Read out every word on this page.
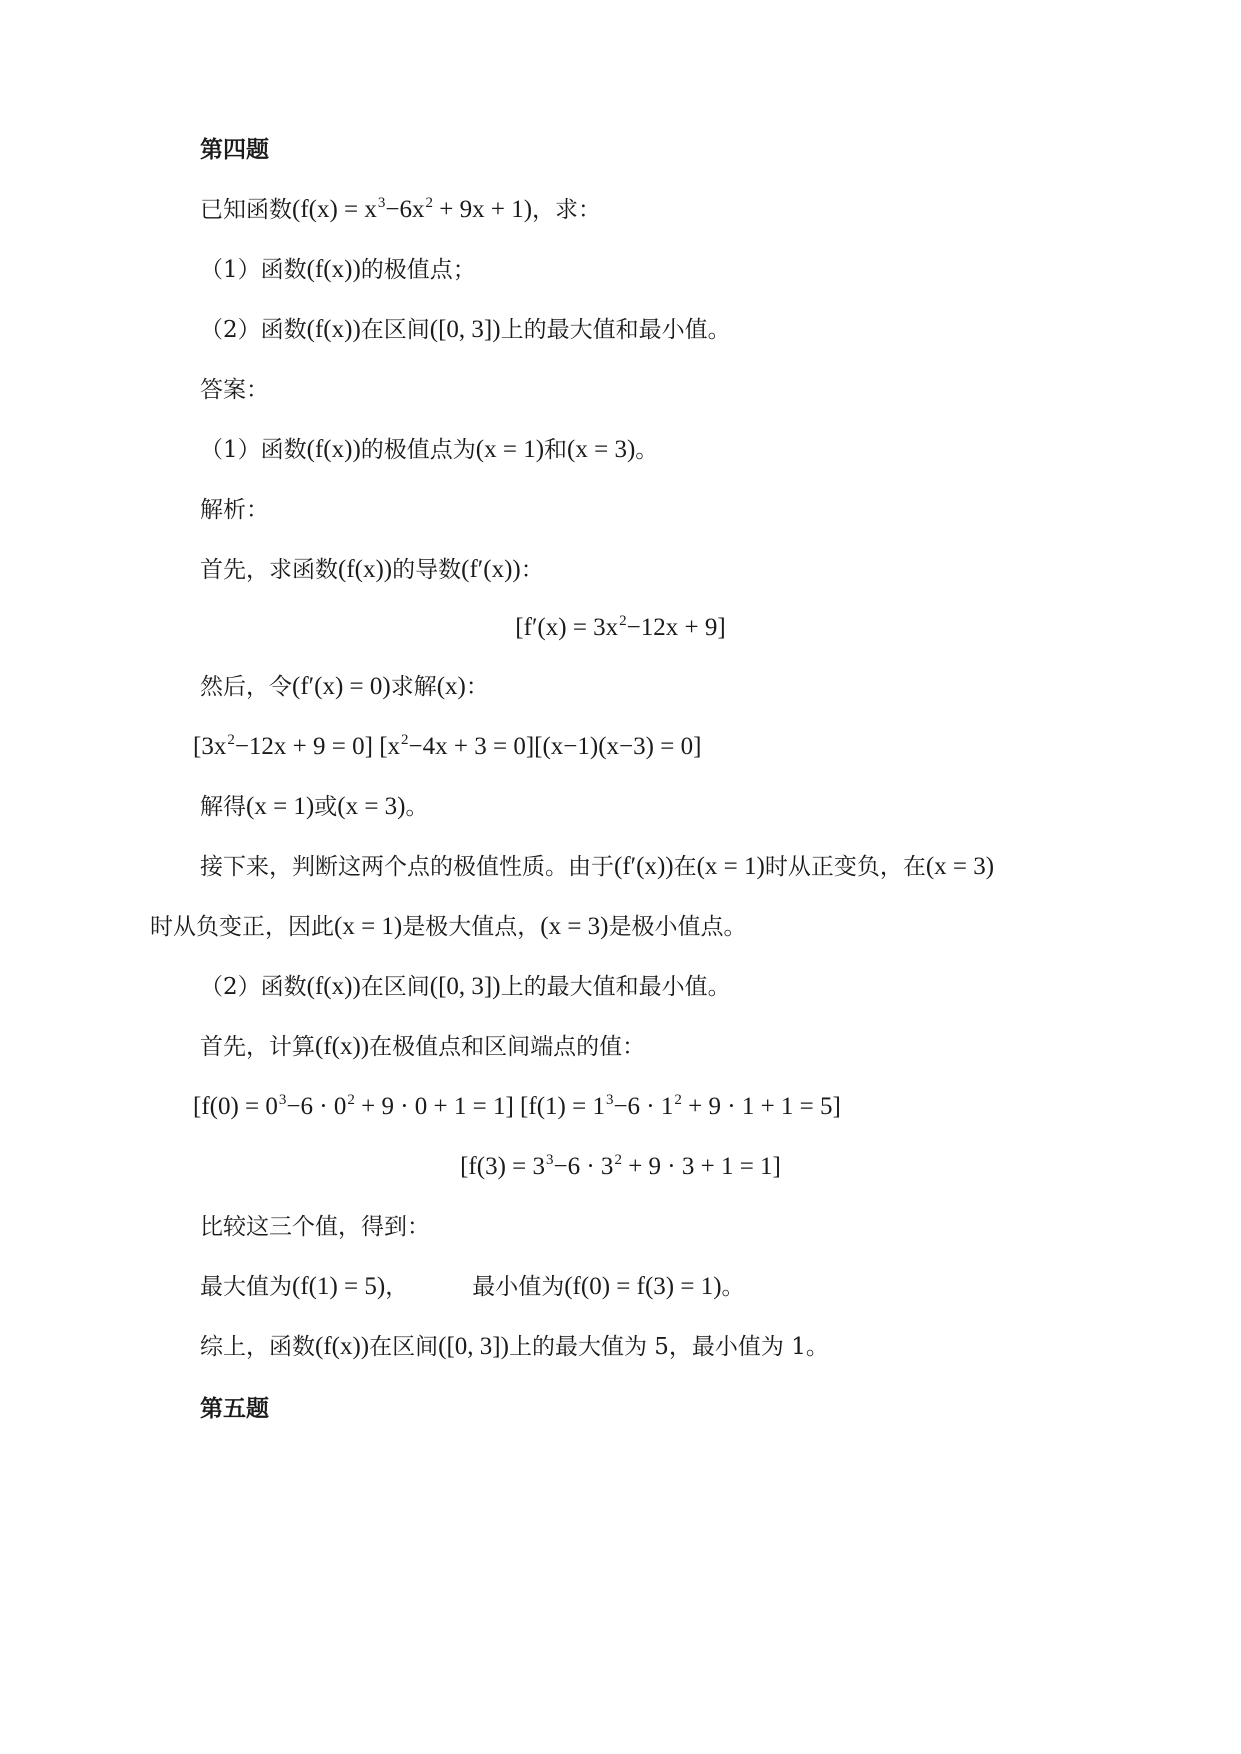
第四题
已知函数$(f(x) = x^3-6x^2 + 9x + 1)$，求：
（1）函数(f(x))的极值点；
（2）函数(f(x))在区间([0, 3])上的最大值和最小值。
答案：
（1）函数(f(x))的极值点为(x = 1)和(x = 3)。
解析：
首先，求函数(f(x))的导数(f′(x))：
$[f'(x) = 3x^2-12x + 9]$
然后，令(f′(x) = 0)求解(x)：
$[3x^2-12x + 9 = 0] [x^2-4x + 3 = 0][(x-1)(x-3) = 0]$
解得(x = 1)或(x = 3)。
接下来，判断这两个点的极值性质。由于(f′(x))在(x = 1)时从正变负，在(x = 3)
时从负变正，因此(x = 1)是极大值点，(x = 3)是极小值点。
（2）函数(f(x))在区间([0, 3])上的最大值和最小值。
首先，计算(f(x))在极值点和区间端点的值：
$[f(0) = 0^3-6 \cdot 0^2 + 9 \cdot 0 + 1 = 1]$ $[f(1) = 1^3-6 \cdot 1^2 + 9 \cdot 1 + 1 = 5]$
$[f(3) = 3^3-6 \cdot 3^2 + 9 \cdot 3 + 1 = 1]$
比较这三个值，得到：
最大值为(f(1) = 5)，	最小值为(f(0) = f(3) = 1)。
综上，函数(f(x))在区间([0, 3])上的最大值为 5，最小值为 1。
第五题
